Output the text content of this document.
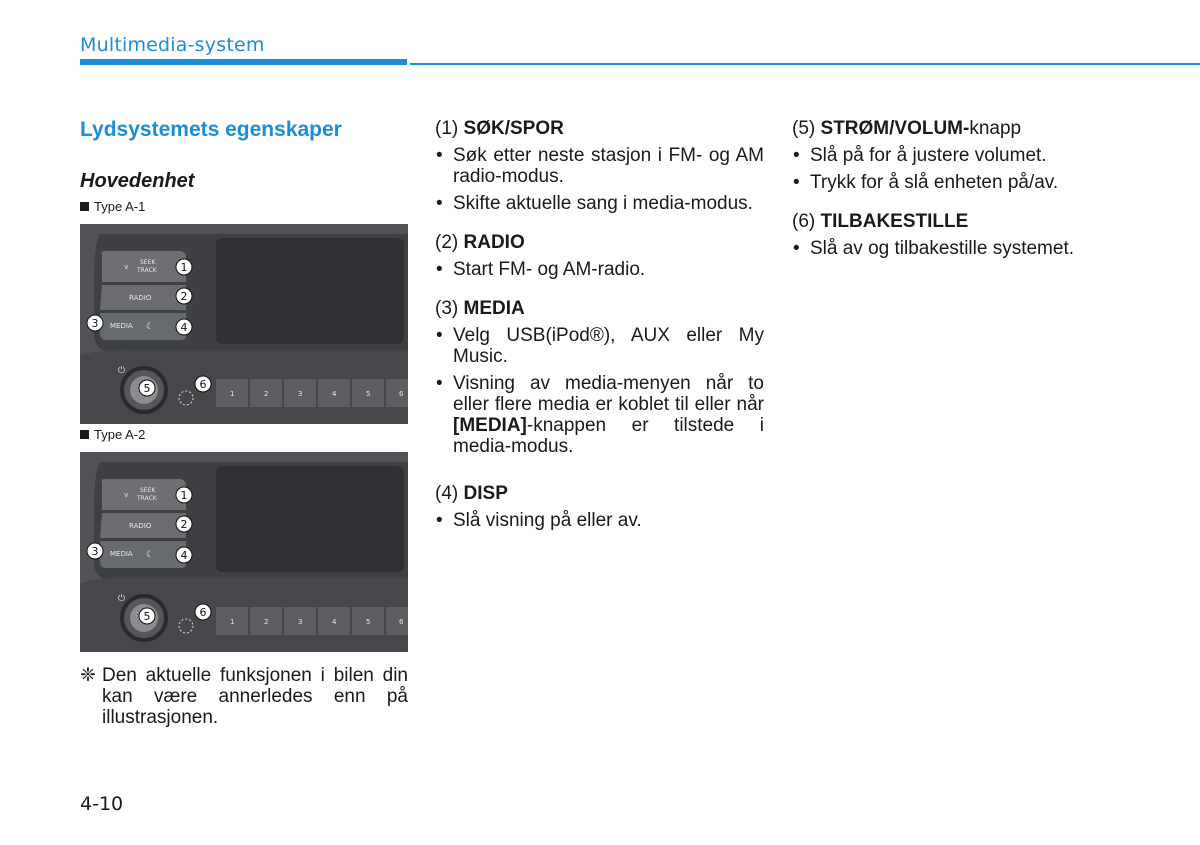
Multimedia-system
Lydsystemets egenskaper
Hovedenhet
Type A-1
SEEK
TRACK
˅
RADIO
MEDIA ☾
⏻
1	2	3	4	5	6
1
2
3	4
5	6
Type A-2
SEEK
TRACK
˅
RADIO
MEDIA ☾
⏻
1	2	3	4	5	6
1
2
3	4
5	6
❈ Den aktuelle funksjonen i bilen din kan være annerledes enn på illustrasjonen.
(1) SØK/SPOR
• Søk etter neste stasjon i FM- og AM radio-modus.
• Skifte aktuelle sang i media-modus.
(2) RADIO
• Start FM- og AM-radio.
(3) MEDIA
• Velg USB(iPod®), AUX eller My Music.
• Visning av media-menyen når to eller flere media er koblet til eller når [MEDIA]-knappen er tilstede i media-modus.
(4) DISP
• Slå visning på eller av.
(5) STRØM/VOLUM-knapp
• Slå på for å justere volumet.
• Trykk for å slå enheten på/av.
(6) TILBAKESTILLE
• Slå av og tilbakestille systemet.
4-10
